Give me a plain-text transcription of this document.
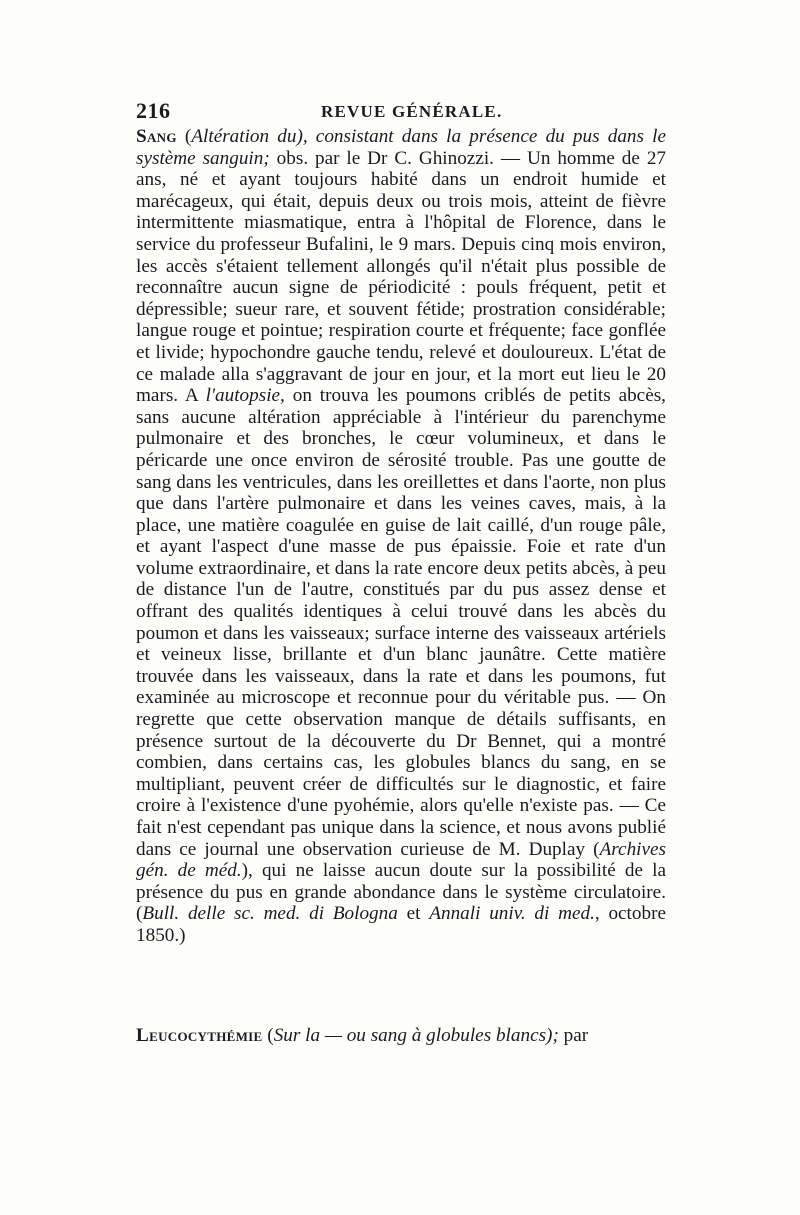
216	REVUE GÉNÉRALE.

Sang (Altération du), consistant dans la présence du pus dans le système sanguin; obs. par le Dr C. Ghinozzi. — Un homme de 27 ans, né et ayant toujours habité dans un endroit humide et marécageux, qui était, depuis deux ou trois mois, atteint de fièvre intermittente miasmatique, entra à l'hôpital de Florence, dans le service du professeur Bufalini, le 9 mars. Depuis cinq mois environ, les accès s'étaient tellement allongés qu'il n'était plus possible de reconnaître aucun signe de périodicité : pouls fréquent, petit et dépressible; sueur rare, et souvent fétide; prostration considérable; langue rouge et pointue; respiration courte et fréquente; face gonflée et livide; hypochondre gauche tendu, relevé et douloureux. L'état de ce malade alla s'aggravant de jour en jour, et la mort eut lieu le 20 mars. A l'autopsie, on trouva les poumons criblés de petits abcès, sans aucune altération appréciable à l'intérieur du parenchyme pulmonaire et des bronches, le cœur volumineux, et dans le péricarde une once environ de sérosité trouble. Pas une goutte de sang dans les ventricules, dans les oreillettes et dans l'aorte, non plus que dans l'artère pulmonaire et dans les veines caves, mais, à la place, une matière coagulée en guise de lait caillé, d'un rouge pâle, et ayant l'aspect d'une masse de pus épaissie. Foie et rate d'un volume extraordinaire, et dans la rate encore deux petits abcès, à peu de distance l'un de l'autre, constitués par du pus assez dense et offrant des qualités identiques à celui trouvé dans les abcès du poumon et dans les vaisseaux; surface interne des vaisseaux artériels et veineux lisse, brillante et d'un blanc jaunâtre. Cette matière trouvée dans les vaisseaux, dans la rate et dans les poumons, fut examinée au microscope et reconnue pour du véritable pus. — On regrette que cette observation manque de détails suffisants, en présence surtout de la découverte du Dr Bennet, qui a montré combien, dans certains cas, les globules blancs du sang, en se multipliant, peuvent créer de difficultés sur le diagnostic, et faire croire à l'existence d'une pyohémie, alors qu'elle n'existe pas. — Ce fait n'est cependant pas unique dans la science, et nous avons publié dans ce journal une observation curieuse de M. Duplay (Archives gén. de méd.), qui ne laisse aucun doute sur la possibilité de la présence du pus en grande abondance dans le système circulatoire. (Bull. delle sc. med. di Bologna et Annali univ. di med., octobre 1850.)

Leucocythémie (Sur la — ou sang à globules blancs); par
